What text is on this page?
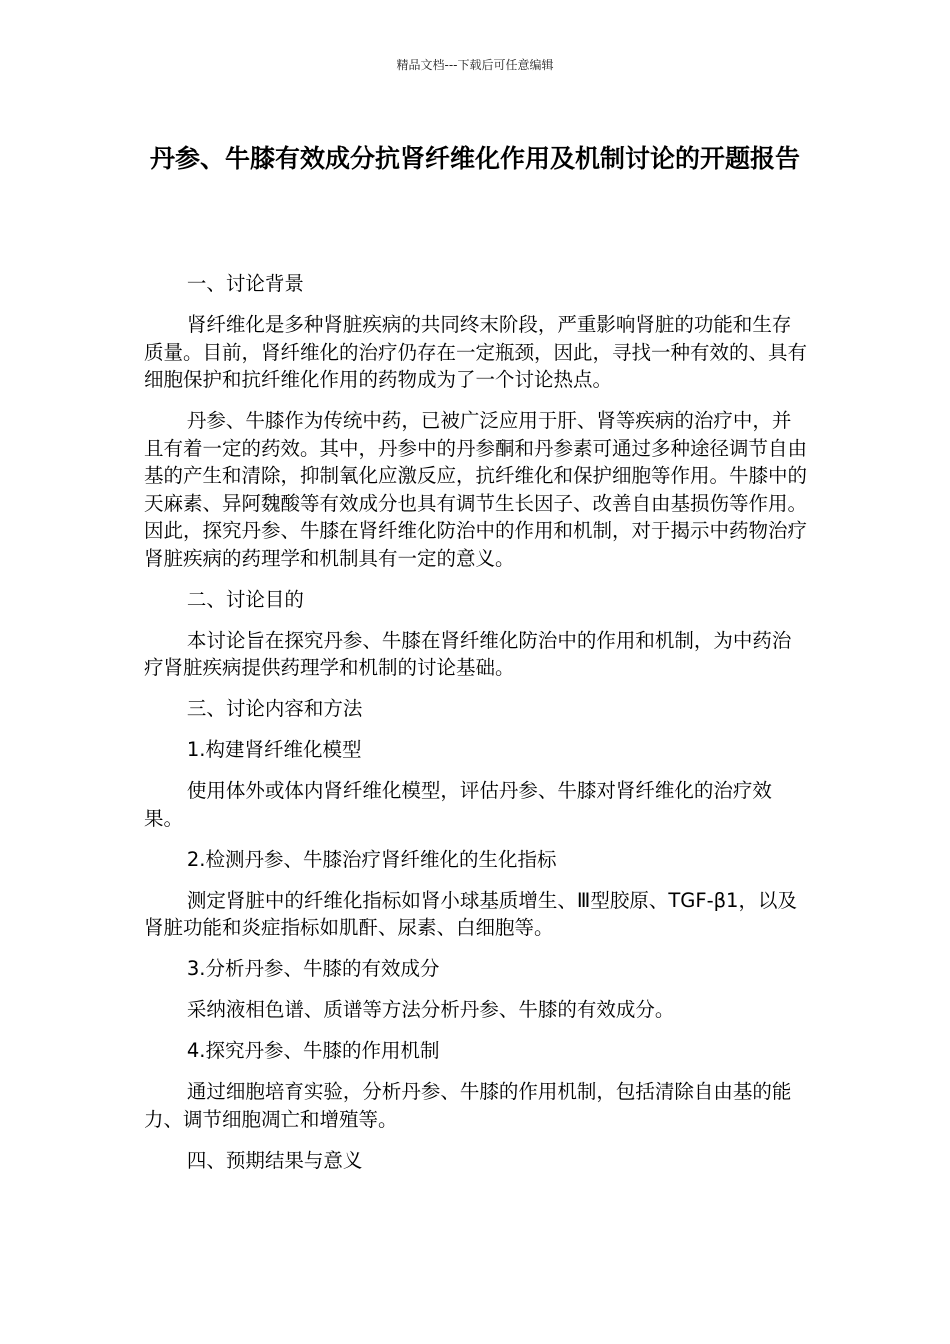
精品文档---下载后可任意编辑
丹参、牛膝有效成分抗肾纤维化作用及机制讨论的开题报告

一、讨论背景

肾纤维化是多种肾脏疾病的共同终末阶段，严重影响肾脏的功能和生存质量。目前，肾纤维化的治疗仍存在一定瓶颈，因此，寻找一种有效的、具有细胞保护和抗纤维化作用的药物成为了一个讨论热点。

丹参、牛膝作为传统中药，已被广泛应用于肝、肾等疾病的治疗中，并且有着一定的药效。其中，丹参中的丹参酮和丹参素可通过多种途径调节自由基的产生和清除，抑制氧化应激反应，抗纤维化和保护细胞等作用。牛膝中的天麻素、异阿魏酸等有效成分也具有调节生长因子、改善自由基损伤等作用。因此，探究丹参、牛膝在肾纤维化防治中的作用和机制，对于揭示中药物治疗肾脏疾病的药理学和机制具有一定的意义。

二、讨论目的

本讨论旨在探究丹参、牛膝在肾纤维化防治中的作用和机制，为中药治疗肾脏疾病提供药理学和机制的讨论基础。

三、讨论内容和方法

1.构建肾纤维化模型

使用体外或体内肾纤维化模型，评估丹参、牛膝对肾纤维化的治疗效果。

2.检测丹参、牛膝治疗肾纤维化的生化指标

测定肾脏中的纤维化指标如肾小球基质增生、Ⅲ型胶原、TGF-β1，以及肾脏功能和炎症指标如肌酐、尿素、白细胞等。

3.分析丹参、牛膝的有效成分

采纳液相色谱、质谱等方法分析丹参、牛膝的有效成分。

4.探究丹参、牛膝的作用机制

通过细胞培育实验，分析丹参、牛膝的作用机制，包括清除自由基的能力、调节细胞凋亡和增殖等。

四、预期结果与意义
